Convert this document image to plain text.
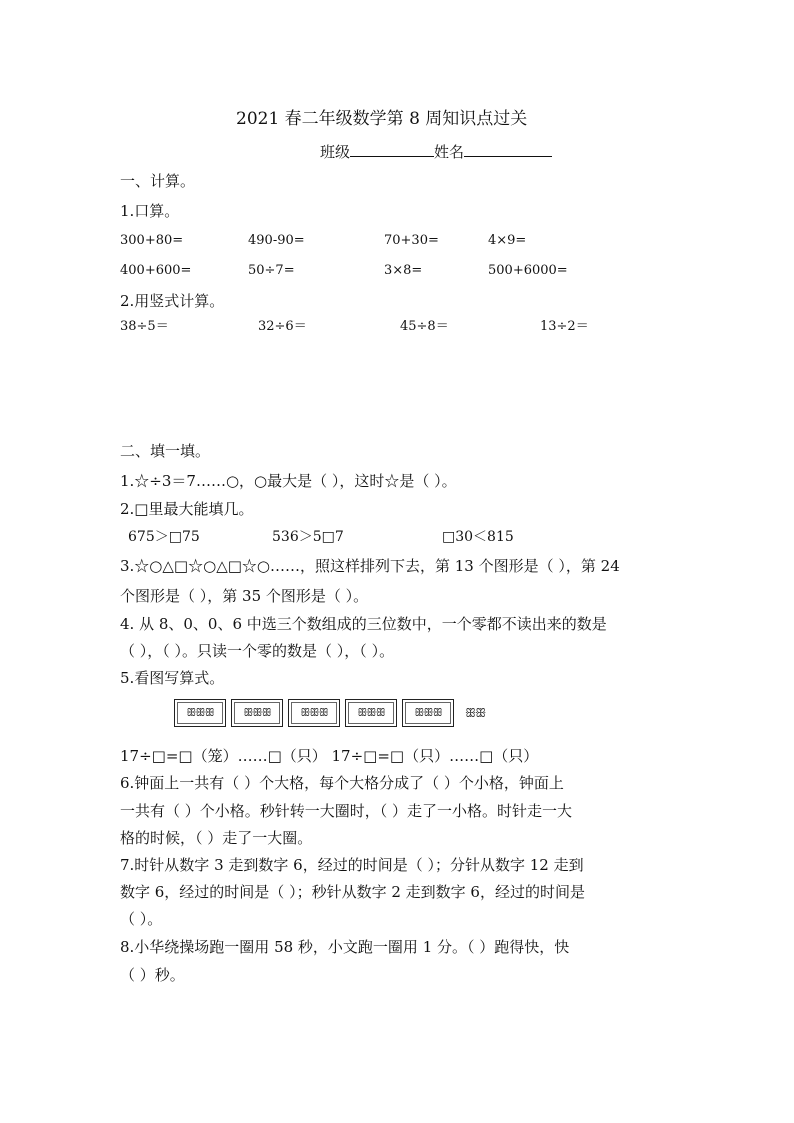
2021 春二年级数学第 8 周知识点过关
班级	姓名
一、计算。
1.口算。
300+80=	490-90=	70+30=	4×9=
400+600=	50÷7=	3×8=	500+6000=
2.用竖式计算。
38÷5＝	32÷6＝	45÷8＝	13÷2＝
二、填一填。
1.☆÷3＝7……○，○最大是（ ），这时☆是（ ）。
2.□里最大能填几。
675＞□75	536＞5□7	□30＜815
3.☆○△□☆○△□☆○……，照这样排列下去，第 13 个图形是（ ），第 24
个图形是（ ），第 35 个图形是（ ）。
4. 从 8、0、0、6 中选三个数组成的三位数中，一个零都不读出来的数是
（ ），（ ）。只读一个零的数是（ ），（ ）。
5.看图写算式。
ꕥꕥꕥ	ꕥꕥꕥ	ꕥꕥꕥ	ꕥꕥꕥ	ꕥꕥꕥ ꕥꕥ
17÷□=□（笼）……□（只） 17÷□=□（只）……□（只）
6.钟面上一共有（ ）个大格，每个大格分成了（ ）个小格，钟面上
一共有（ ）个小格。秒针转一大圈时，（ ）走了一小格。时针走一大
格的时候，（ ）走了一大圈。
7.时针从数字 3 走到数字 6，经过的时间是（ ）；分针从数字 12 走到
数字 6，经过的时间是（ ）；秒针从数字 2 走到数字 6，经过的时间是
（ ）。
8.小华绕操场跑一圈用 58 秒，小文跑一圈用 1 分。（ ）跑得快，快
（ ）秒。
